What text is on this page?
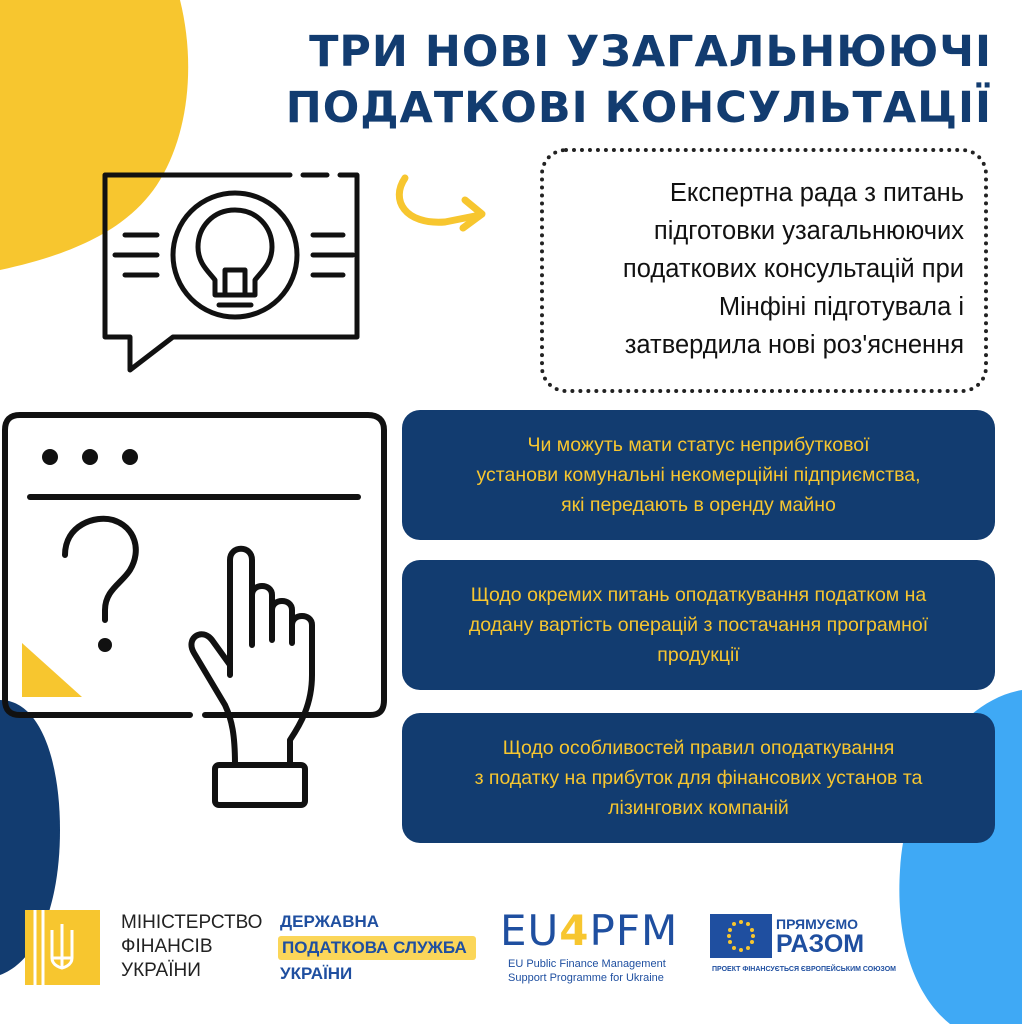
ТРИ НОВІ УЗАГАЛЬНЮЮЧІ
ПОДАТКОВІ КОНСУЛЬТАЦІЇ
Експертна рада з питань
підготовки узагальнюючих
податкових консультацій при
Мінфіні підготувала і
затвердила нові роз'яснення
Чи можуть мати статус неприбуткової
установи комунальні некомерційні підприємства,
які передають в оренду майно
Щодо окремих питань оподаткування податком на
додану вартість операцій з постачання програмної
продукції
Щодо особливостей правил оподаткування
з податку на прибуток для фінансових установ та
лізингових компаній
МІНІСТЕРСТВО
ФІНАНСІВ
УКРАЇНИ
ДЕРЖАВНА
ПОДАТКОВА СЛУЖБА
УКРАЇНИ
EU4PFM
EU Public Finance Management
Support Programme for Ukraine
ПРЯМУЄМО
РАЗОМ
ПРОЕКТ ФІНАНСУЄТЬСЯ ЄВРОПЕЙСЬКИМ СОЮЗОМ
